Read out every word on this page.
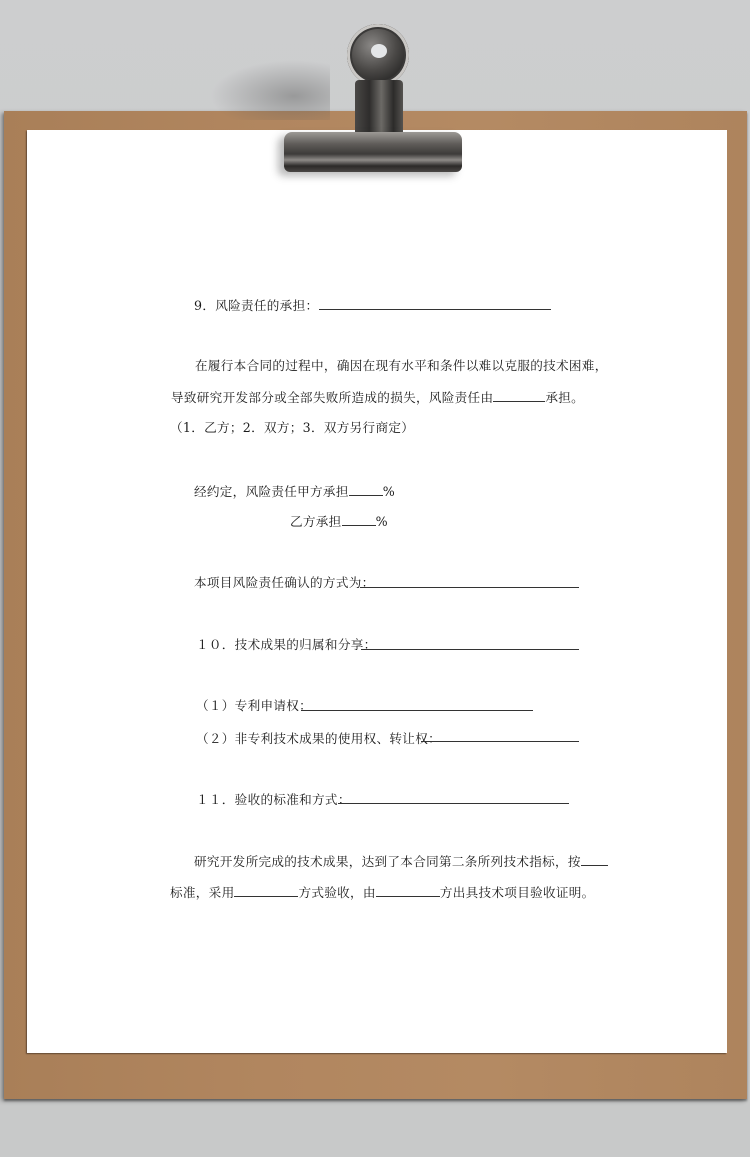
9．风险责任的承担：
在履行本合同的过程中，确因在现有水平和条件以难以克服的技术困难，
导致研究开发部分或全部失败所造成的损失，风险责任由	承担。
（1．乙方；2．双方；3．双方另行商定）
经约定，风险责任甲方承担	%
乙方承担	%
本项目风险责任确认的方式为：
１０．技术成果的归属和分享：
（１）专利申请权：
（２）非专利技术成果的使用权、转让权：
１１．验收的标准和方式：
研究开发所完成的技术成果，达到了本合同第二条所列技术指标，按
标准，采用	方式验收，由	方出具技术项目验收证明。
